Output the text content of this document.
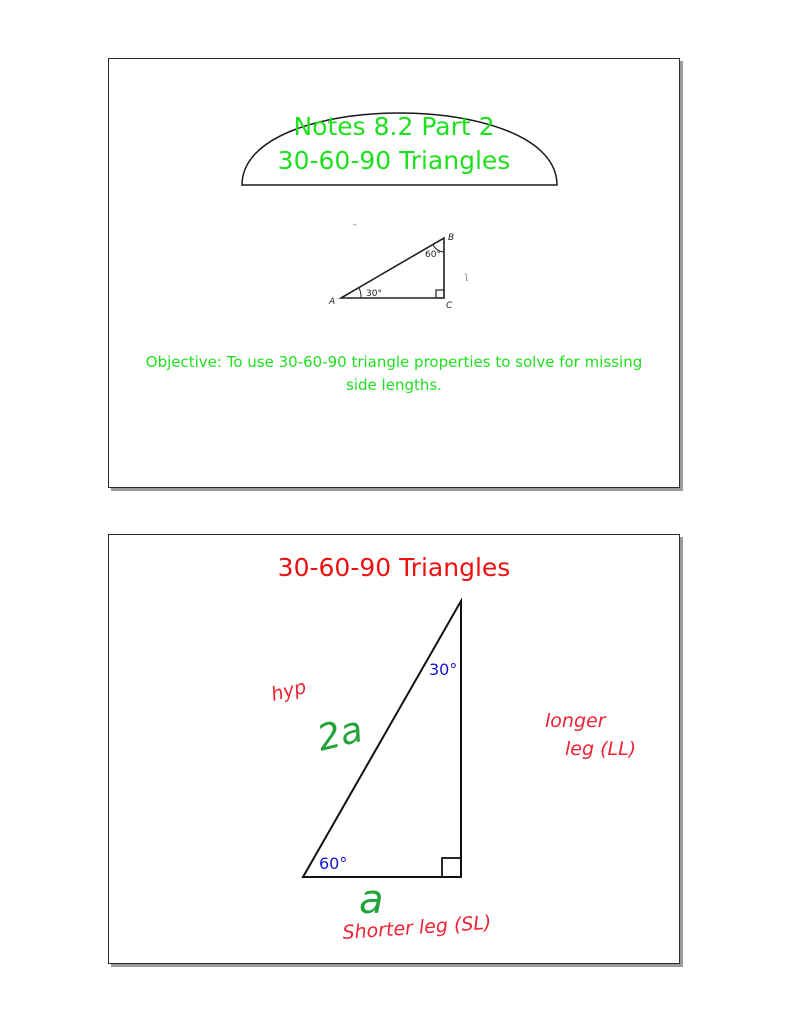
Notes 8.2 Part 2
30-60-90 Triangles
ᵕ
A
B
C
30°
60°
ʅ
Objective: To use 30-60-90 triangle properties to solve for missing side lengths.
30-60-90 Triangles
30°
60°
hyp
2a	longer
leg (LL)
a
Shorter leg (SL)
